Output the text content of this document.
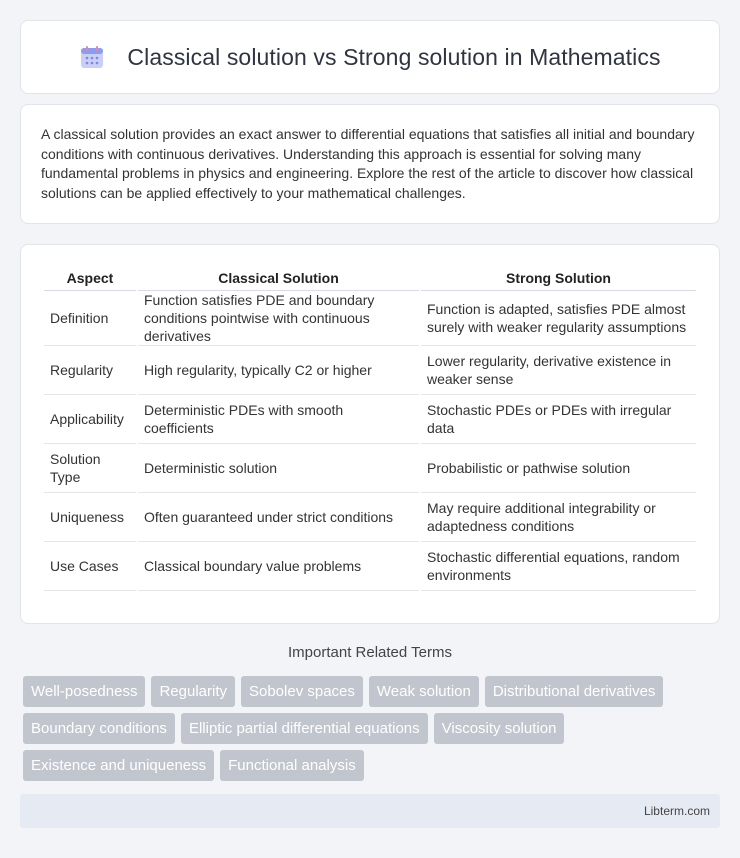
Classical solution vs Strong solution in Mathematics

A classical solution provides an exact answer to differential equations that satisfies all initial and boundary conditions with continuous derivatives. Understanding this approach is essential for solving many fundamental problems in physics and engineering. Explore the rest of the article to discover how classical solutions can be applied effectively to your mathematical challenges.

Aspect	Classical Solution	Strong Solution
Definition	Function satisfies PDE and boundary conditions pointwise with continuous derivatives	Function is adapted, satisfies PDE almost surely with weaker regularity assumptions
Regularity	High regularity, typically C2 or higher	Lower regularity, derivative existence in weaker sense
Applicability	Deterministic PDEs with smooth coefficients	Stochastic PDEs or PDEs with irregular data
Solution Type	Deterministic solution	Probabilistic or pathwise solution
Uniqueness	Often guaranteed under strict conditions	May require additional integrability or adaptedness conditions
Use Cases	Classical boundary value problems	Stochastic differential equations, random environments
Important Related Terms
Well-posedness	Regularity	Sobolev spaces	Weak solution	Distributional derivatives
Boundary conditions	Elliptic partial differential equations	Viscosity solution
Existence and uniqueness	Functional analysis
Libterm.com
